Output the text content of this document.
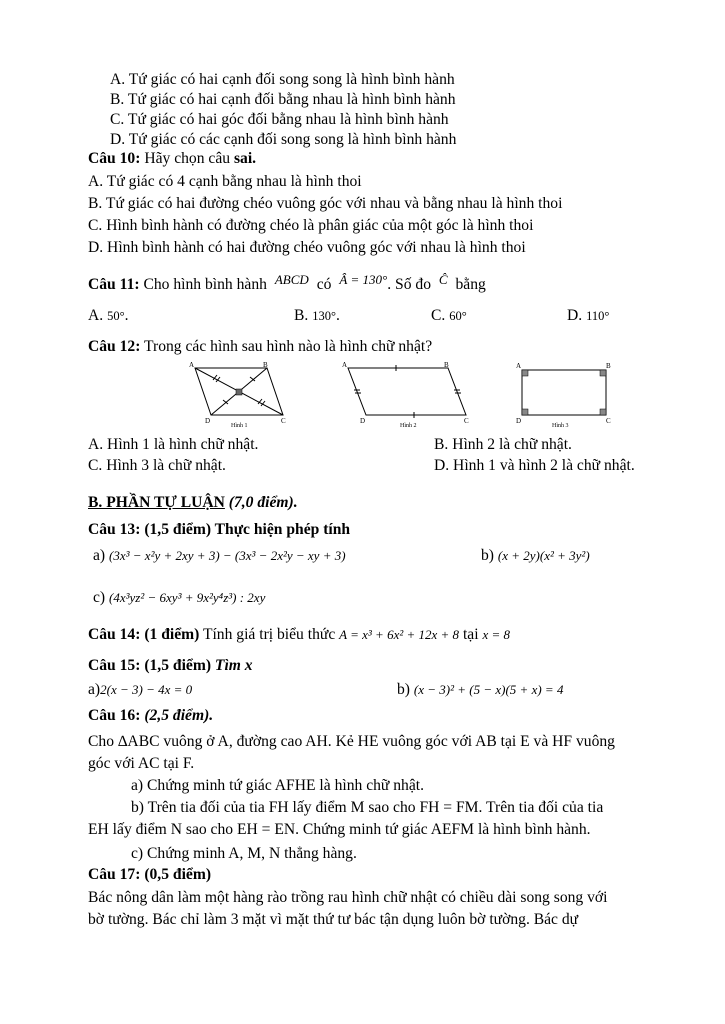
A. Tứ giác có hai cạnh đối song song là hình bình hành
B. Tứ giác có hai cạnh đối bằng nhau là hình bình hành
C. Tứ giác có hai góc đối bằng nhau là hình bình hành
D. Tứ giác có các cạnh đối song song là hình bình hành
Câu 10: Hãy chọn câu sai.
A. Tứ giác có 4 cạnh bằng nhau là hình thoi
B. Tứ giác có hai đường chéo vuông góc với nhau và bằng nhau là hình thoi
C. Hình bình hành có đường chéo là phân giác của một góc là hình thoi
D. Hình bình hành có hai đường chéo vuông góc với nhau là hình thoi
Câu 11: Cho hình bình hành $^{ABCD}$ có $^{Â = 130^\circ}$. Số đo $^Ĉ$ bằng
A. 50°.	B. 130°.	C. 60°	D. 110°
Câu 12: Trong các hình sau hình nào là hình chữ nhật?
A	B
C
D
Hình 1
A	B
C
D
Hình 2
A	B
C
D
Hình 3
A. Hình 1 là hình chữ nhật.	B. Hình 2 là chữ nhật.
C. Hình 3 là chữ nhật.	D. Hình 1 và hình 2 là chữ nhật.
B. PHẦN TỰ LUẬN (7,0 điểm).
Câu 13: (1,5 điểm) Thực hiện phép tính
a) (3x³ − x²y + 2xy + 3) − (3x³ − 2x²y − xy + 3)	b) (x + 2y)(x² + 3y²)
c) (4x³yz² − 6xy³ + 9x²y⁴z³) : 2xy
Câu 14: (1 điểm) Tính giá trị biểu thức A = x³ + 6x² + 12x + 8 tại x = 8
Câu 15: (1,5 điểm) Tìm x
a)2(x − 3) − 4x = 0	b) (x − 3)² + (5 − x)(5 + x) = 4
Câu 16: (2,5 điểm).
Cho ∆ABC vuông ở A, đường cao AH. Kẻ HE vuông góc với AB tại E và HF vuông
góc với AC tại F.
a) Chứng minh tứ giác AFHE là hình chữ nhật.
b) Trên tia đối của tia FH lấy điểm M sao cho FH = FM. Trên tia đối của tia
EH lấy điểm N sao cho EH = EN. Chứng minh tứ giác AEFM là hình bình hành.
c) Chứng minh A, M, N thẳng hàng.
Câu 17: (0,5 điểm)
Bác nông dân làm một hàng rào trồng rau hình chữ nhật có chiều dài song song với
bờ tường. Bác chỉ làm 3 mặt vì mặt thứ tư bác tận dụng luôn bờ tường. Bác dự
